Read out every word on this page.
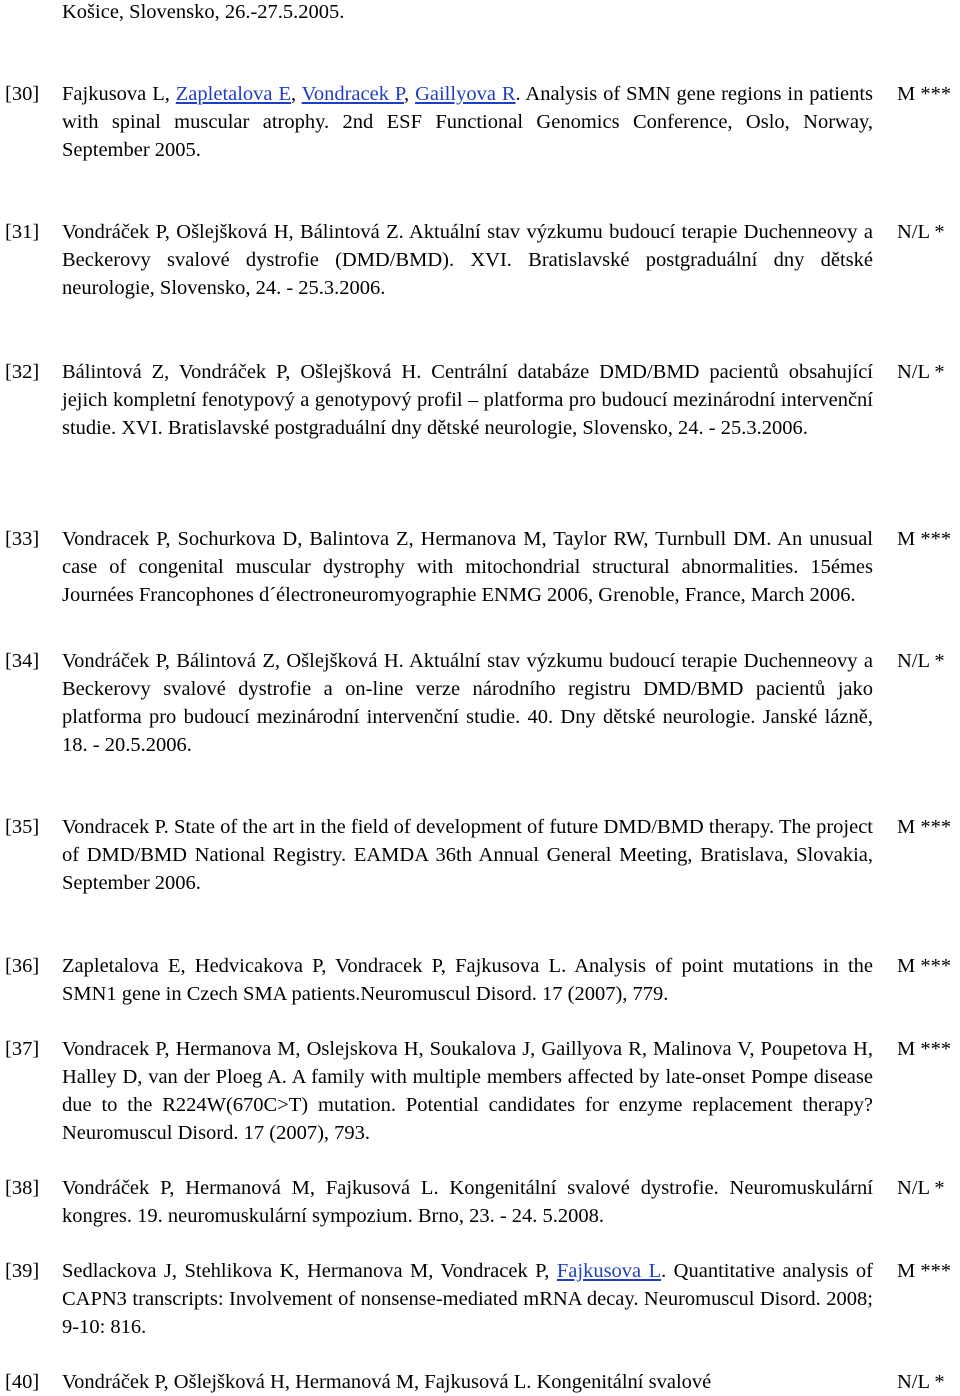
Košice, Slovensko, 26.-27.5.2005.
[30] Fajkusova L, Zapletalova E, Vondracek P, Gaillyova R. Analysis of SMN gene regions in patients with spinal muscular atrophy. 2nd ESF Functional Genomics Conference, Oslo, Norway, September 2005.
M ***
[31] Vondráček P, Ošlejšková H, Bálintová Z. Aktuální stav výzkumu budoucí terapie Duchenneovy a Beckerovy svalové dystrofie (DMD/BMD). XVI. Bratislavské postgraduální dny dětské neurologie, Slovensko, 24. - 25.3.2006.
N/L *
[32] Bálintová Z, Vondráček P, Ošlejšková H. Centrální databáze DMD/BMD pacientů obsahující jejich kompletní fenotypový a genotypový profil – platforma pro budoucí mezinárodní intervenční studie. XVI. Bratislavské postgraduální dny dětské neurologie, Slovensko, 24. - 25.3.2006.
N/L *
[33] Vondracek P, Sochurkova D, Balintova Z, Hermanova M, Taylor RW, Turnbull DM. An unusual case of congenital muscular dystrophy with mitochondrial structural abnormalities. 15émes Journées Francophones d´électroneuromyographie ENMG 2006, Grenoble, France, March 2006.
M ***
[34] Vondráček P, Bálintová Z, Ošlejšková H. Aktuální stav výzkumu budoucí terapie Duchenneovy a Beckerovy svalové dystrofie a on-line verze národního registru DMD/BMD pacientů jako platforma pro budoucí mezinárodní intervenční studie. 40. Dny dětské neurologie. Janské lázně, 18. - 20.5.2006.
N/L *
[35] Vondracek P. State of the art in the field of development of future DMD/BMD therapy. The project of DMD/BMD National Registry. EAMDA 36th Annual General Meeting, Bratislava, Slovakia, September 2006.
M ***
[36] Zapletalova E, Hedvicakova P, Vondracek P, Fajkusova L. Analysis of point mutations in the SMN1 gene in Czech SMA patients.Neuromuscul Disord. 17 (2007), 779.
M ***
[37] Vondracek P, Hermanova M, Oslejskova H, Soukalova J, Gaillyova R, Malinova V, Poupetova H, Halley D, van der Ploeg A. A family with multiple members affected by late-onset Pompe disease due to the R224W(670C>T) mutation. Potential candidates for enzyme replacement therapy? Neuromuscul Disord. 17 (2007), 793.
M ***
[38] Vondráček P, Hermanová M, Fajkusová L. Kongenitální svalové dystrofie. Neuromuskulární kongres. 19. neuromuskulární sympozium. Brno, 23. - 24. 5.2008.
N/L *
[39] Sedlackova J, Stehlikova K, Hermanova M, Vondracek P, Fajkusova L. Quantitative analysis of CAPN3 transcripts: Involvement of nonsense-mediated mRNA decay. Neuromuscul Disord. 2008; 9-10: 816.
M ***
[40] Vondráček P, Ošlejšková H, Hermanová M, Fajkusová L. Kongenitální svalové	N/L *
